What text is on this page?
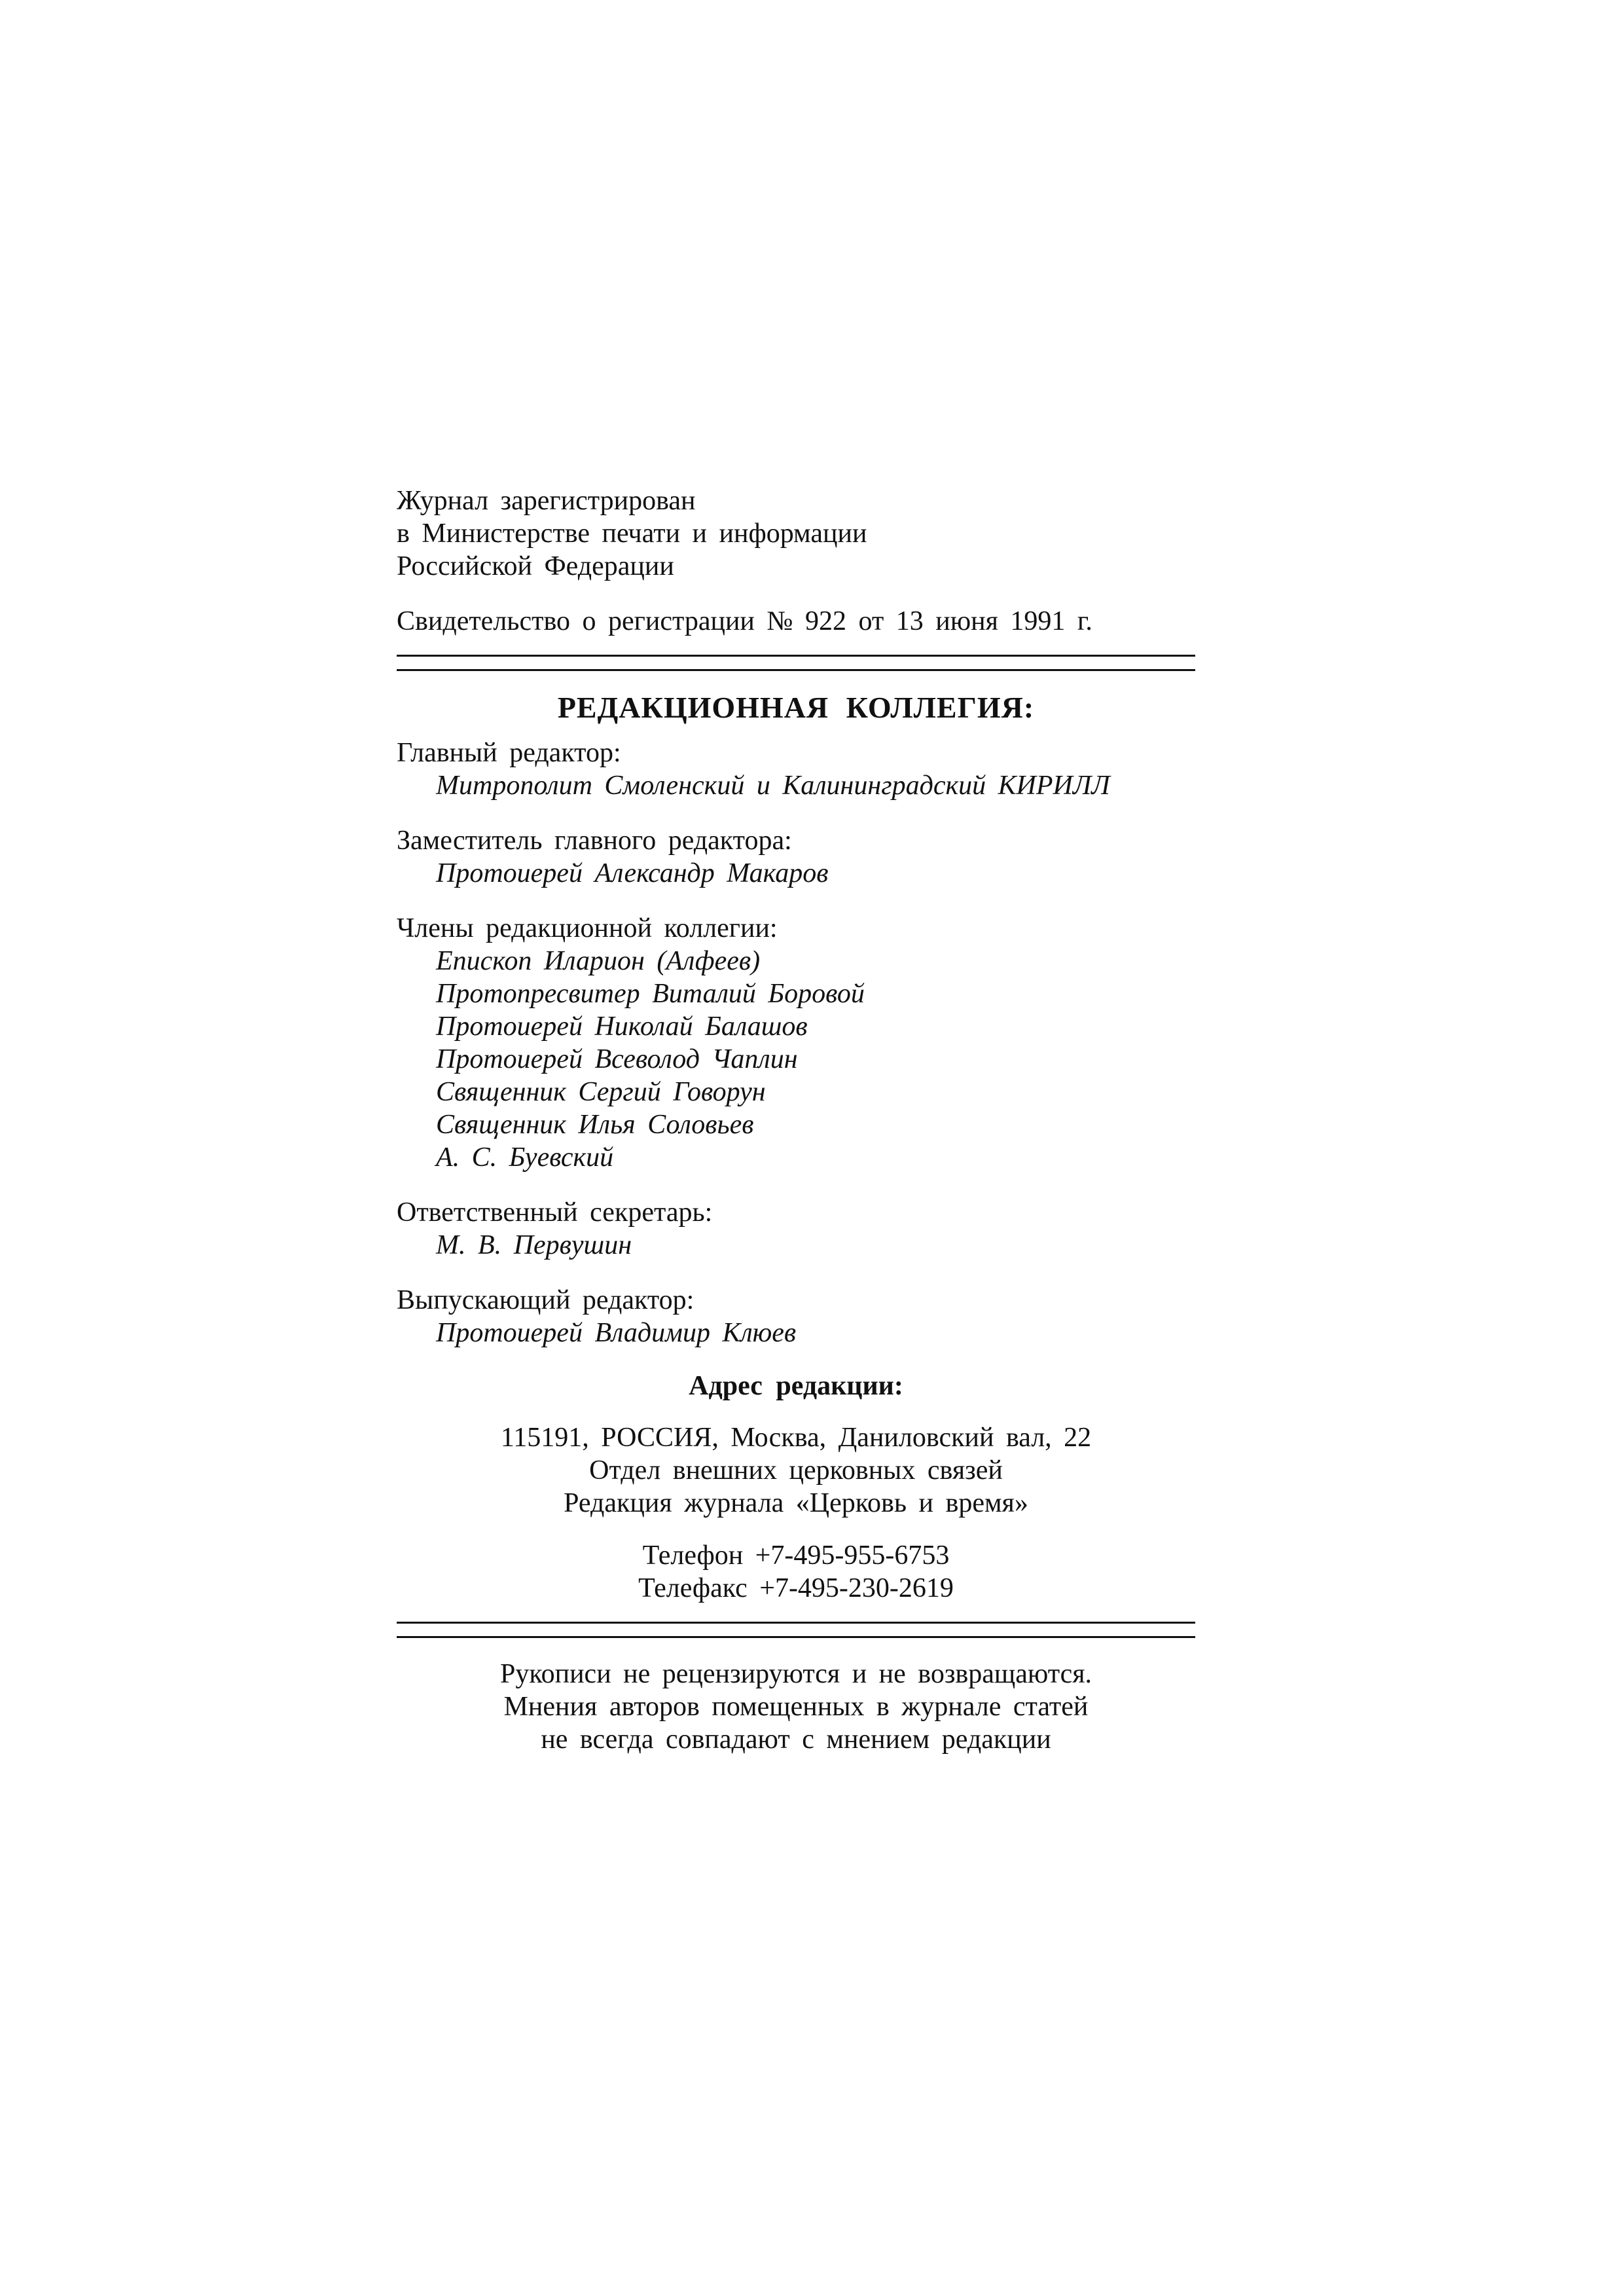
Журнал зарегистрирован
в Министерстве печати и информации
Российской Федерации
Свидетельство о регистрации № 922 от 13 июня 1991 г.
РЕДАКЦИОННАЯ КОЛЛЕГИЯ:
Главный редактор:
Митрополит Смоленский и Калининградский КИРИЛЛ
Заместитель главного редактора:
Протоиерей Александр Макаров
Члены редакционной коллегии:
Епископ Иларион (Алфеев)
Протопресвитер Виталий Боровой
Протоиерей Николай Балашов
Протоиерей Всеволод Чаплин
Священник Сергий Говорун
Священник Илья Соловьев
А. С. Буевский
Ответственный секретарь:
М. В. Первушин
Выпускающий редактор:
Протоиерей Владимир Клюев
Адрес редакции:
115191, РОССИЯ, Москва, Даниловский вал, 22
Отдел внешних церковных связей
Редакция журнала «Церковь и время»
Телефон +7-495-955-6753
Телефакс +7-495-230-2619
Рукописи не рецензируются и не возвращаются.
Мнения авторов помещенных в журнале статей
не всегда совпадают с мнением редакции
